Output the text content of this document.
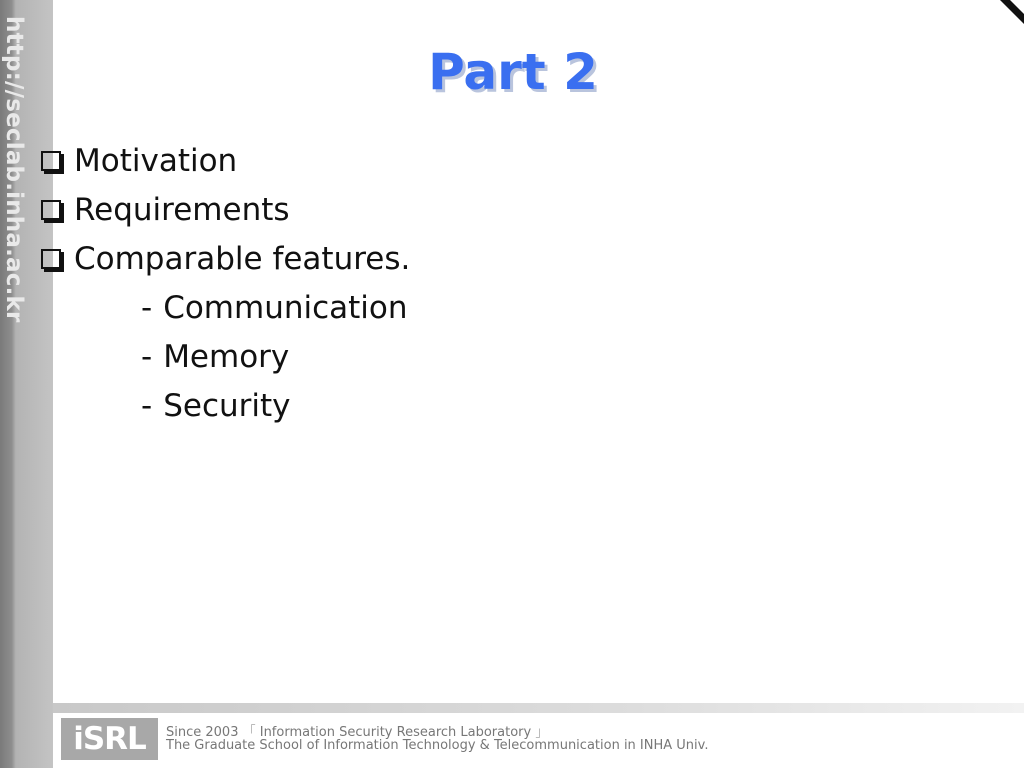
http://seclab.inha.ac.kr	Part 2
Motivation
Requirements
Comparable features.
- Communication
- Memory
- Security
iSRL Since 2003 「 Information Security Research Laboratory 」
The Graduate School of Information Technology & Telecommunication in INHA Univ.
